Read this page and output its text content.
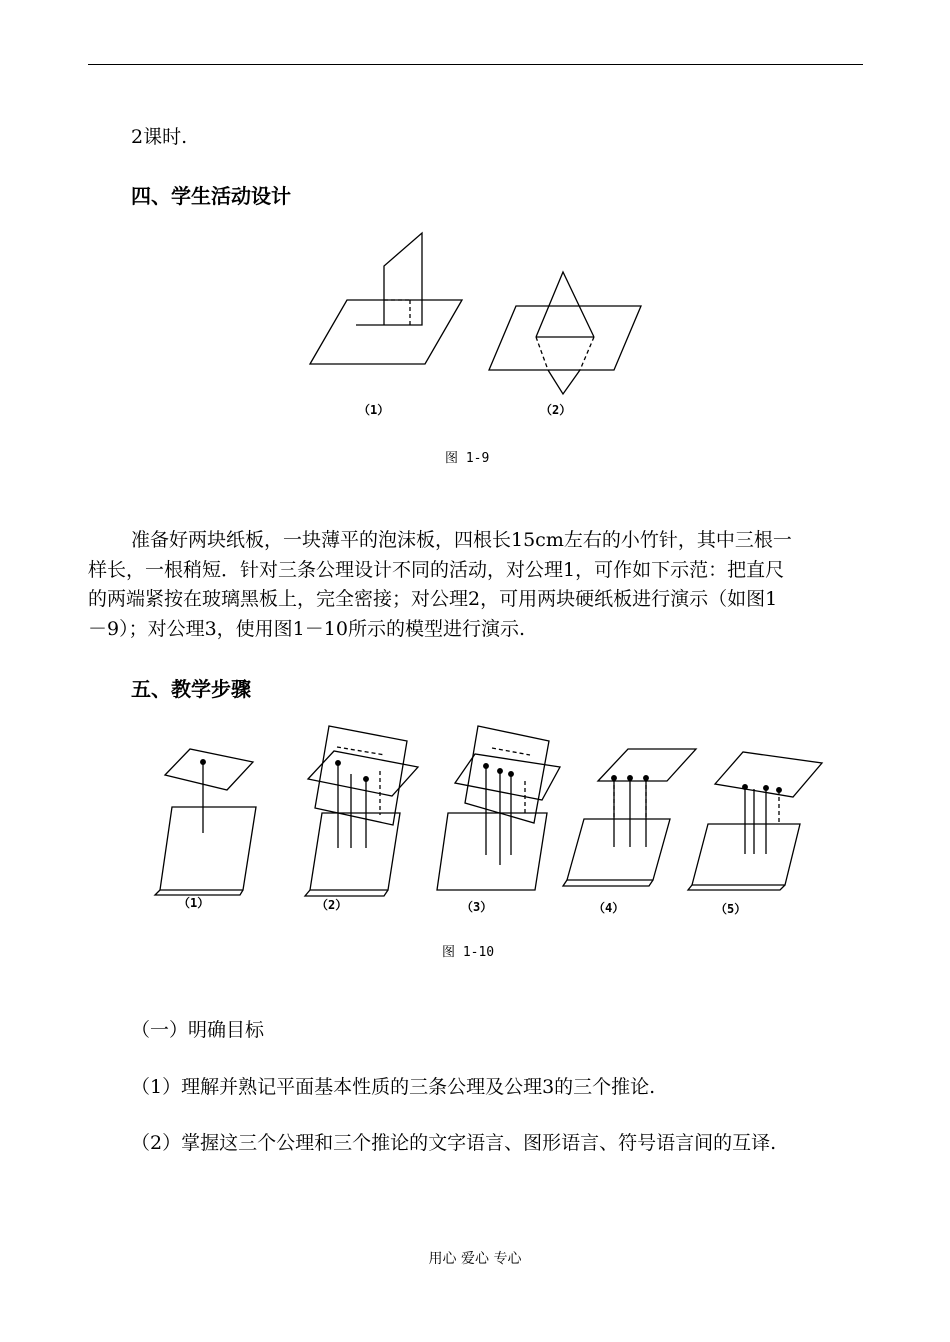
2课时.
四、学生活动设计
（1）	（2）
图 1-9
准备好两块纸板，一块薄平的泡沫板，四根长15cm左右的小竹针，其中三根一
样长，一根稍短．针对三条公理设计不同的活动，对公理1，可作如下示范：把直尺
的两端紧按在玻璃黑板上，完全密接；对公理2，可用两块硬纸板进行演示（如图1
－9）；对公理3，使用图1－10所示的模型进行演示.
五、教学步骤
（1）	（2）	（3）	（4）	（5）
图 1-10
（一）明确目标
（1）理解并熟记平面基本性质的三条公理及公理3的三个推论.
（2）掌握这三个公理和三个推论的文字语言、图形语言、符号语言间的互译.
用心 爱心 专心
